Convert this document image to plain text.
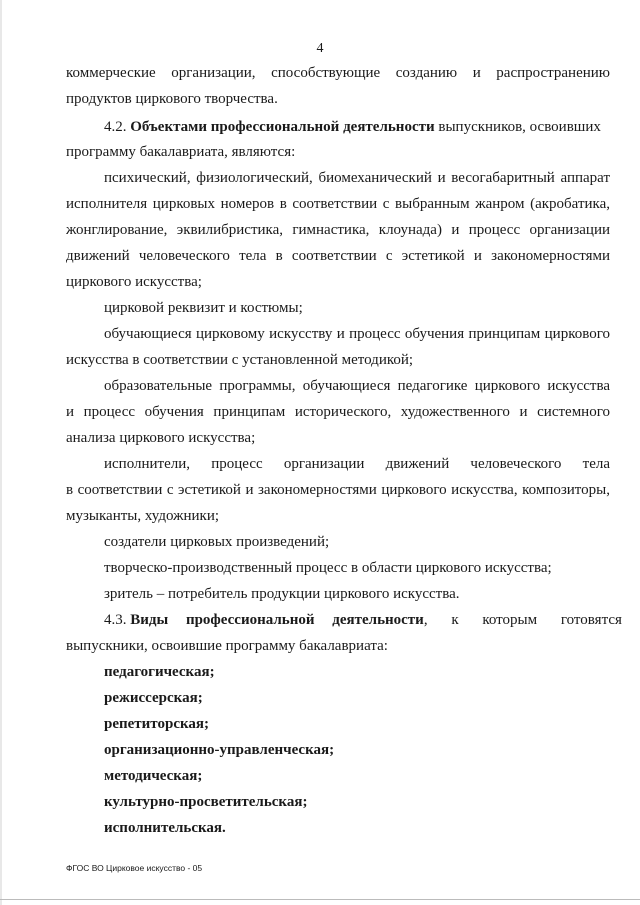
4
коммерческие организации, способствующие созданию и распространению
продуктов циркового творчества.
4.2. Объектами профессиональной деятельности выпускников, освоивших
программу бакалавриата, являются:
психический, физиологический, биомеханический и весогабаритный аппарат
исполнителя цирковых номеров в соответствии с выбранным жанром (акробатика,
жонглирование, эквилибристика, гимнастика, клоунада) и процесс организации
движений человеческого тела в соответствии с эстетикой и закономерностями
циркового искусства;
цирковой реквизит и костюмы;
обучающиеся цирковому искусству и процесс обучения принципам циркового
искусства в соответствии с установленной методикой;
образовательные программы, обучающиеся педагогике циркового искусства
и процесс обучения принципам исторического, художественного и системного
анализа циркового искусства;
исполнители, процесс организации движений человеческого тела
в соответствии с эстетикой и закономерностями циркового искусства, композиторы,
музыканты, художники;
создатели цирковых произведений;
творческо-производственный процесс в области циркового искусства;
зритель – потребитель продукции циркового искусства.
4.3. Виды профессиональной деятельности, к которым готовятся
выпускники, освоившие программу бакалавриата:
педагогическая;
режиссерская;
репетиторская;
организационно-управленческая;
методическая;
культурно-просветительская;
исполнительская.
ФГОС ВО Цирковое искусство - 05
